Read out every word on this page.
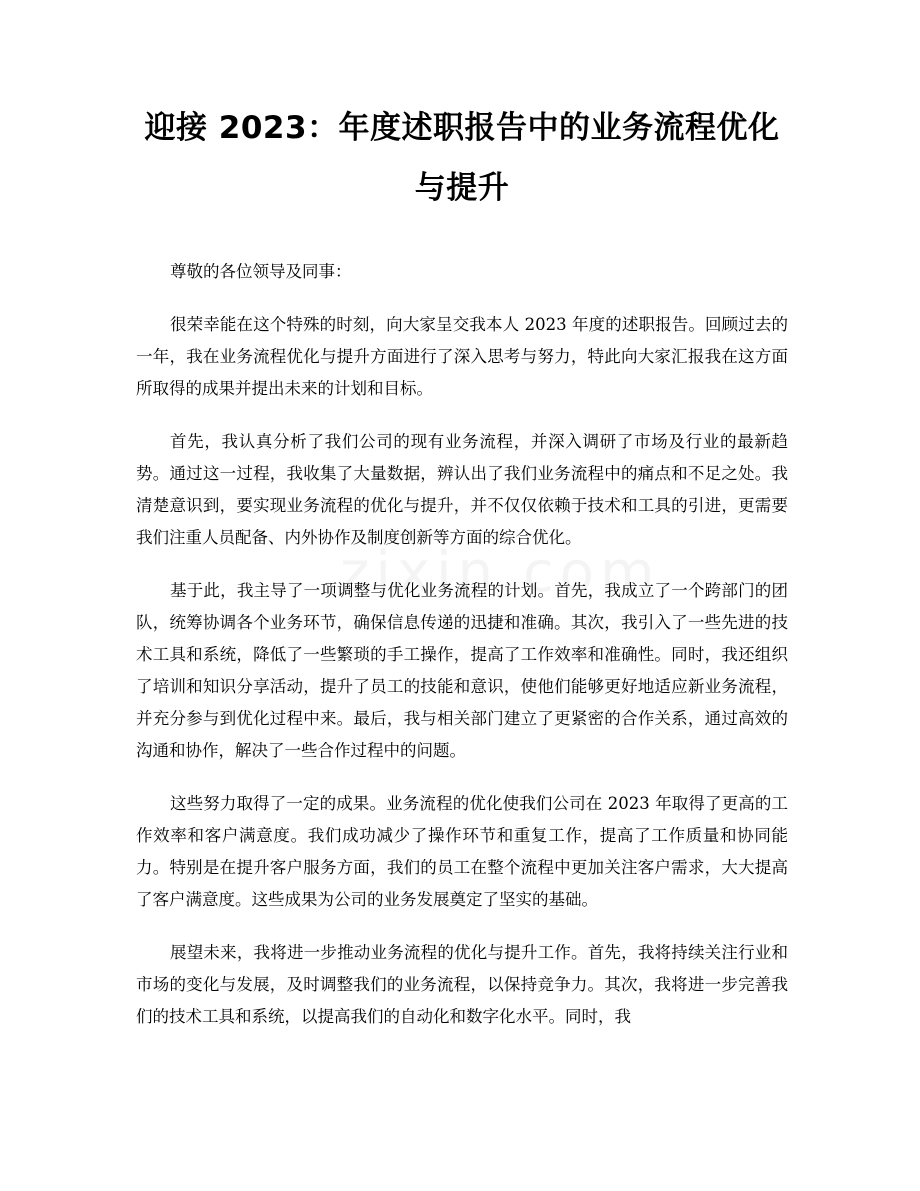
迎接 2023：年度述职报告中的业务流程优化与提升

尊敬的各位领导及同事：

很荣幸能在这个特殊的时刻，向大家呈交我本人 2023 年度的述职报告。回顾过去的一年，我在业务流程优化与提升方面进行了深入思考与努力，特此向大家汇报我在这方面所取得的成果并提出未来的计划和目标。

首先，我认真分析了我们公司的现有业务流程，并深入调研了市场及行业的最新趋势。通过这一过程，我收集了大量数据，辨认出了我们业务流程中的痛点和不足之处。我清楚意识到，要实现业务流程的优化与提升，并不仅仅依赖于技术和工具的引进，更需要我们注重人员配备、内外协作及制度创新等方面的综合优化。

基于此，我主导了一项调整与优化业务流程的计划。首先，我成立了一个跨部门的团队，统筹协调各个业务环节，确保信息传递的迅捷和准确。其次，我引入了一些先进的技术工具和系统，降低了一些繁琐的手工操作，提高了工作效率和准确性。同时，我还组织了培训和知识分享活动，提升了员工的技能和意识，使他们能够更好地适应新业务流程，并充分参与到优化过程中来。最后，我与相关部门建立了更紧密的合作关系，通过高效的沟通和协作，解决了一些合作过程中的问题。

这些努力取得了一定的成果。业务流程的优化使我们公司在 2023 年取得了更高的工作效率和客户满意度。我们成功减少了操作环节和重复工作，提高了工作质量和协同能力。特别是在提升客户服务方面，我们的员工在整个流程中更加关注客户需求，大大提高了客户满意度。这些成果为公司的业务发展奠定了坚实的基础。

展望未来，我将进一步推动业务流程的优化与提升工作。首先，我将持续关注行业和市场的变化与发展，及时调整我们的业务流程，以保持竞争力。其次，我将进一步完善我们的技术工具和系统，以提高我们的自动化和数字化水平。同时，我
